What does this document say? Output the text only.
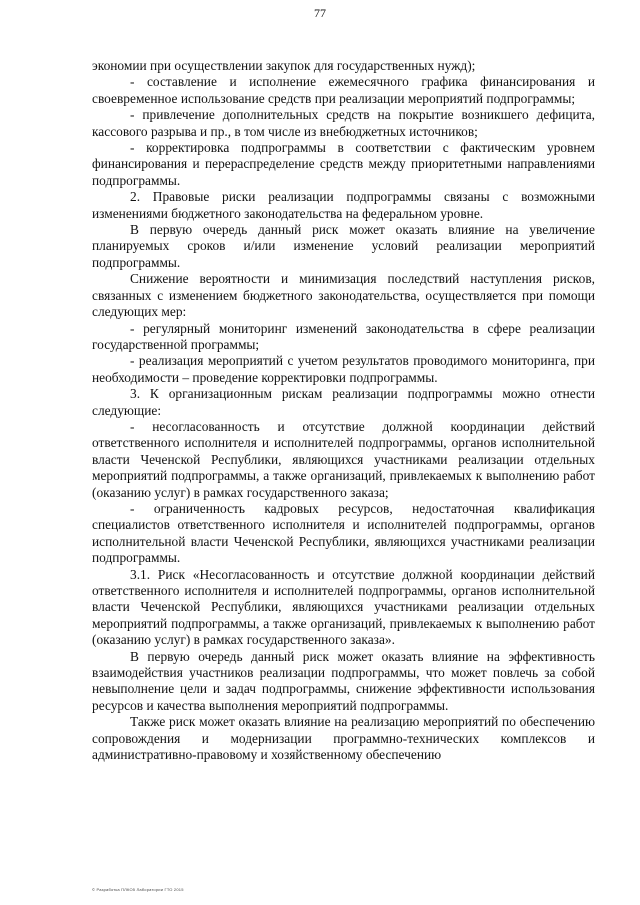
77

экономии при осуществлении закупок для государственных нужд);

- составление и исполнение ежемесячного графика финансирования и своевременное использование средств при реализации мероприятий подпрограммы;

- привлечение дополнительных средств на покрытие возникшего дефицита, кассового разрыва и пр., в том числе из внебюджетных источников;

- корректировка подпрограммы в соответствии с фактическим уровнем финансирования и перераспределение средств между приоритетными направлениями подпрограммы.

2. Правовые риски реализации подпрограммы связаны с возможными изменениями бюджетного законодательства на федеральном уровне.

В первую очередь данный риск может оказать влияние на увеличение планируемых сроков и/или изменение условий реализации мероприятий подпрограммы.

Снижение вероятности и минимизация последствий наступления рисков, связанных с изменением бюджетного законодательства, осуществляется при помощи следующих мер:

- регулярный мониторинг изменений законодательства в сфере реализации государственной программы;

- реализация мероприятий с учетом результатов проводимого мониторинга, при необходимости – проведение корректировки подпрограммы.

3. К организационным рискам реализации подпрограммы можно отнести следующие:

- несогласованность и отсутствие должной координации действий ответственного исполнителя и исполнителей подпрограммы, органов исполнительной власти Чеченской Республики, являющихся участниками реализации отдельных мероприятий подпрограммы, а также организаций, привлекаемых к выполнению работ (оказанию услуг) в рамках государственного заказа;

- ограниченность кадровых ресурсов, недостаточная квалификация специалистов ответственного исполнителя и исполнителей подпрограммы, органов исполнительной власти Чеченской Республики, являющихся участниками реализации подпрограммы.

3.1. Риск «Несогласованность и отсутствие должной координации действий ответственного исполнителя и исполнителей подпрограммы, органов исполнительной власти Чеченской Республики, являющихся участниками реализации отдельных мероприятий подпрограммы, а также организаций, привлекаемых к выполнению работ (оказанию услуг) в рамках государственного заказа».

В первую очередь данный риск может оказать влияние на эффективность взаимодействия участников реализации подпрограммы, что может повлечь за собой невыполнение цели и задач подпрограммы, снижение эффективности использования ресурсов и качества выполнения мероприятий подпрограммы.

Также риск может оказать влияние на реализацию мероприятий по обеспечению сопровождения и модернизации программно-технических комплексов и административно-правовому и хозяйственному обеспечению

© Разработка ПЛКО5 Лаборатории ГТО 2015
